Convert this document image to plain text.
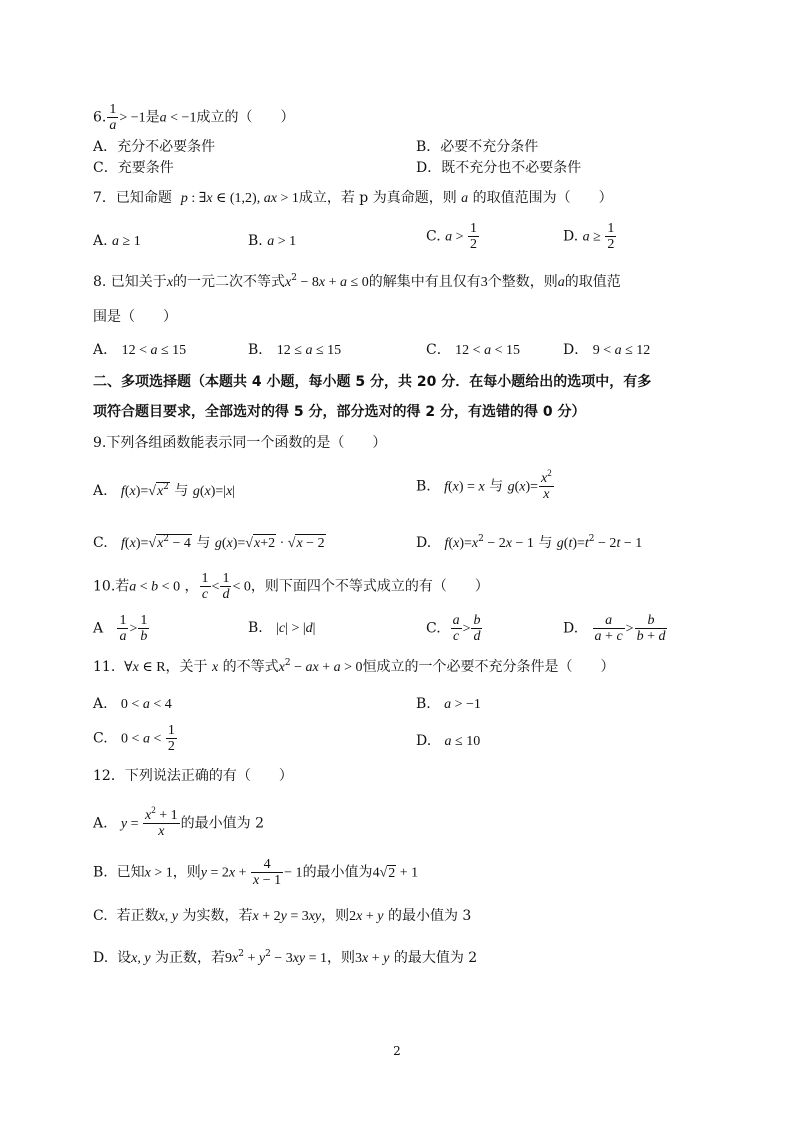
6. $\frac{1}{a} > -1$是a < −1成立的（　　）
A．充分不必要条件	B．必要不充分条件
C．充要条件	D．既不充分也不必要条件
7．已知命题 p : ∃x ∈ (1,2), ax > 1成立，若 p 为真命题，则 a 的取值范围为（　　）
A. a ≥ 1	B. a > 1	C. $a > \frac{1}{2}$	D. $a \ge \frac{1}{2}$
8. 已知关于x的一元二次不等式$x^2 - 8x + a \le 0$的解集中有且仅有3个整数，则a的取值范
围是（　　）
A． 12 < a ≤ 15	B． 12 ≤ a ≤ 15	C． 12 < a < 15	D． 9 < a ≤ 12
二、多项选择题（本题共 4 小题，每小题 5 分，共 20 分．在每小题给出的选项中，有多
项符合题目要求，全部选对的得 5 分，部分选对的得 2 分，有选错的得 0 分）
9.下列各组函数能表示同一个函数的是（　　）
A. $f(x)=√x^2$ 与 g(x)=|x|	B. f(x) = x 与 $g(x)= \frac{x^2}{x}$
C. $f(x)=√x^2 - 4$ 与 g(x)=√x+2 · √x − 2	D. $f(x)=x^2 - 2x - 1$ 与 $g(t)=t^2 - 2t - 1$
10.若a < b < 0 ， $\frac{1}{c} < \frac{1}{d} < 0$，则下面四个不等式成立的有（　　）
A $\frac{1}{a} > \frac{1}{b}$	B. |c| > |d|	C. $\frac{a}{c} > \frac{b}{d}$	D. $\frac{a}{a + c} > \frac{b}{b + d}$
11. ∀x ∈ R，关于 x 的不等式$x^2$ − ax + a > 0恒成立的一个必要不充分条件是（　　）
A. 0 < a < 4	B. a > −1
C. $0 < a < \frac{1}{2}$	D. a ≤ 10
12．下列说法正确的有（　　）
A. $y = \frac{x^2 + 1}{x}$ 的最小值为 2
B. 已知x > 1，则$y = 2x + \frac{4}{x - 1} - 1$的最小值为4√2 + 1
C. 若正数x, y 为实数，若x + 2y = 3xy，则2x + y 的最小值为 3
D. 设x, y 为正数，若$9x^2 + y^2 - 3xy = 1$，则3x + y 的最大值为 2
2
